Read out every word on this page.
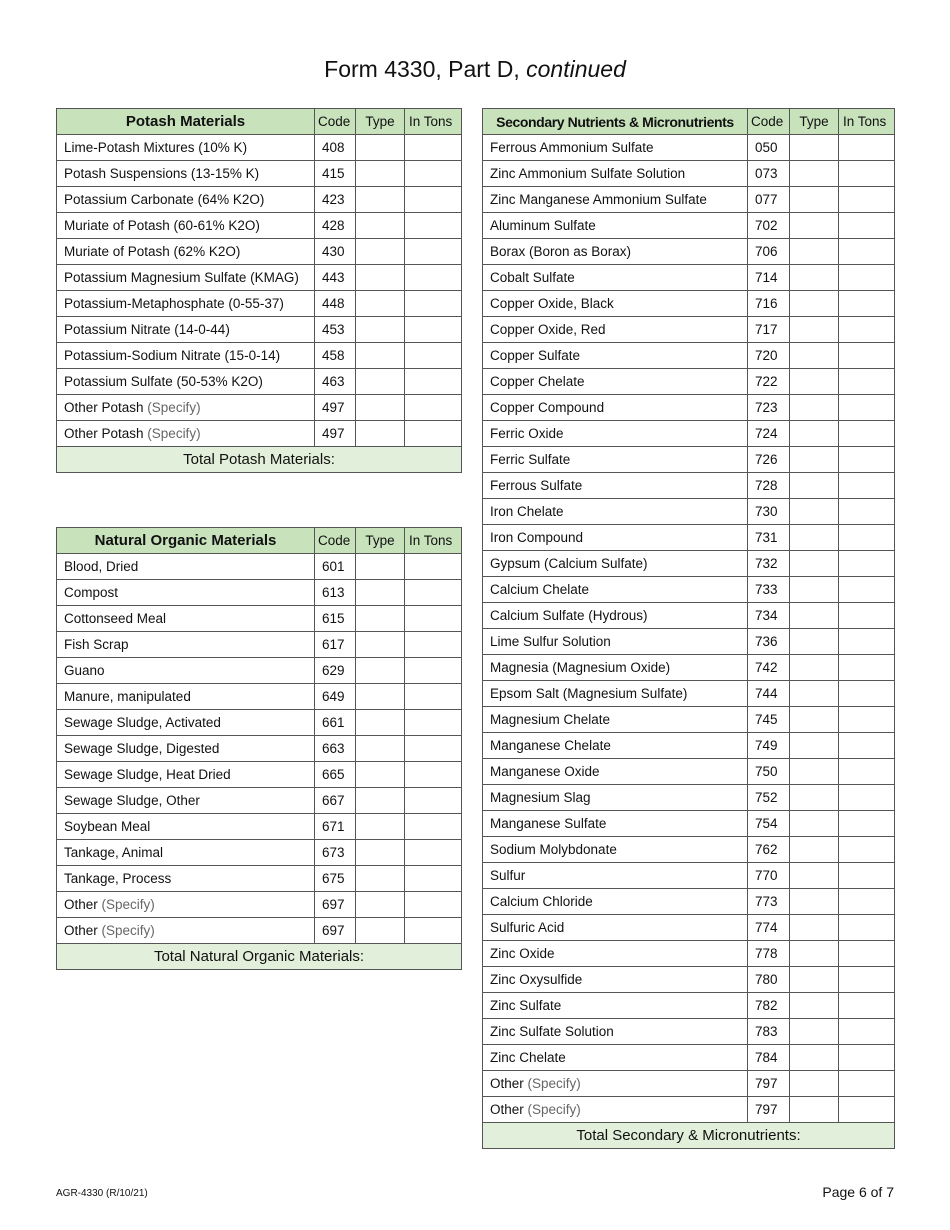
Form 4330, Part D, continued
Potash Materials	Code	Type	In Tons
Lime-Potash Mixtures (10% K)	408		
Potash Suspensions (13-15% K)	415		
Potassium Carbonate (64% K2O)	423		
Muriate of Potash (60-61% K2O)	428		
Muriate of Potash (62% K2O)	430		
Potassium Magnesium Sulfate (KMAG)	443		
Potassium-Metaphosphate (0-55-37)	448		
Potassium Nitrate (14-0-44)	453		
Potassium-Sodium Nitrate (15-0-14)	458		
Potassium Sulfate (50-53% K2O)	463		
Other Potash (Specify)	497		
Other Potash (Specify)	497		
Total Potash Materials:			
Natural Organic Materials	Code	Type	In Tons
Blood, Dried	601		
Compost	613		
Cottonseed Meal	615		
Fish Scrap	617		
Guano	629		
Manure, manipulated	649		
Sewage Sludge, Activated	661		
Sewage Sludge, Digested	663		
Sewage Sludge, Heat Dried	665		
Sewage Sludge, Other	667		
Soybean Meal	671		
Tankage, Animal	673		
Tankage, Process	675		
Other (Specify)	697		
Other (Specify)	697		
Total Natural Organic Materials:			
Secondary Nutrients & Micronutrients	Code	Type	In Tons
Ferrous Ammonium Sulfate	050		
Zinc Ammonium Sulfate Solution	073		
Zinc Manganese Ammonium Sulfate	077		
Aluminum Sulfate	702		
Borax (Boron as Borax)	706		
Cobalt Sulfate	714		
Copper Oxide, Black	716		
Copper Oxide, Red	717		
Copper Sulfate	720		
Copper Chelate	722		
Copper Compound	723		
Ferric Oxide	724		
Ferric Sulfate	726		
Ferrous Sulfate	728		
Iron Chelate	730		
Iron Compound	731		
Gypsum (Calcium Sulfate)	732		
Calcium Chelate	733		
Calcium Sulfate (Hydrous)	734		
Lime Sulfur Solution	736		
Magnesia (Magnesium Oxide)	742		
Epsom Salt (Magnesium Sulfate)	744		
Magnesium Chelate	745		
Manganese Chelate	749		
Manganese Oxide	750		
Magnesium Slag	752		
Manganese Sulfate	754		
Sodium Molybdonate	762		
Sulfur	770		
Calcium Chloride	773		
Sulfuric Acid	774		
Zinc Oxide	778		
Zinc Oxysulfide	780		
Zinc Sulfate	782		
Zinc Sulfate Solution	783		
Zinc Chelate	784		
Other (Specify)	797		
Other (Specify)	797		
Total Secondary & Micronutrients:			
AGR-4330 (R/10/21)	Page 6 of 7
